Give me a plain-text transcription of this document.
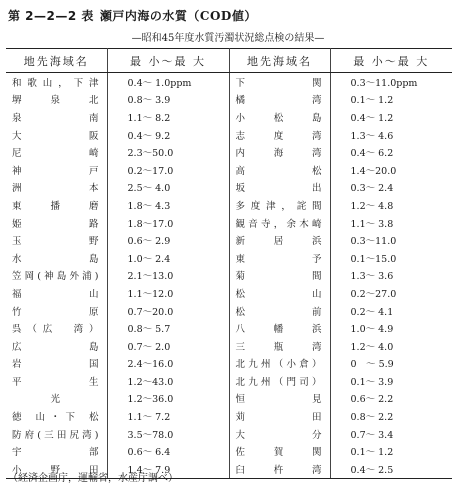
第 2—2—2 表 瀬戸内海の水質（COD値）
—昭和45年度水質汚濁状況総点検の結果—
地先海域名	最 小～最 大	地先海域名	最 小～最 大
和歌山，下津	0.4～ 1.0ppm	下　　　関	0.3～11.0ppm
堺　泉　北	0.8～ 3.9	橘　　　湾	0.1～ 1.2
泉　　　南	1.1～ 8.2	小　松　島	0.4～ 1.2
大　　　阪	0.4～ 9.2	志　度　湾	1.3～ 4.6
尼　　　崎	2.3～50.0	内　海　湾	0.4～ 6.2
神　　　戸	0.2～17.0	高　　　松	1.4～20.0
洲　　　本	2.5～ 4.0	坂　　　出	0.3～ 2.4
東　播　磨	1.8～ 4.3	多度津，詫間	1.2～ 4.8
姫　　　路	1.8～17.0	観音寺，余木崎	1.1～ 3.8
玉　　　野	0.6～ 2.9	新　居　浜	0.3～11.0
水　　　島	1.0～ 2.4	東　　　予	0.1～15.0
笠岡(神島外浦)	2.1～13.0	菊　　　間	1.3～ 3.6
福　　　山	1.1～12.0	松　　　山	0.2～27.0
竹　　　原	0.7～20.0	松　　　前	0.2～ 4.1
呉（広　湾）	0.8～ 5.7	八　幡　浜	1.0～ 4.9
広　　　島	0.7～ 2.0	三　瓶　湾	1.2～ 4.0
岩　　　国	2.4～16.0	北九州（小倉）	0　～ 5.9
平　　　生	1.2～43.0	北九州（門司）	0.1～ 3.9
光	1.2～36.0	恒　　　見	0.6～ 2.2
徳 山・下 松	1.1～ 7.2	苅　　　田	0.8～ 2.2
防府(三田尻湾)	3.5～78.0	大　　　分	0.7～ 3.4
宇　　　部	0.6～ 6.4	佐　賀　関	0.1～ 1.2
小　野　田	1.4～ 7.9	臼　杵　湾	0.4～ 2.5
（経済企画庁，運輸省，水産庁調べ）
